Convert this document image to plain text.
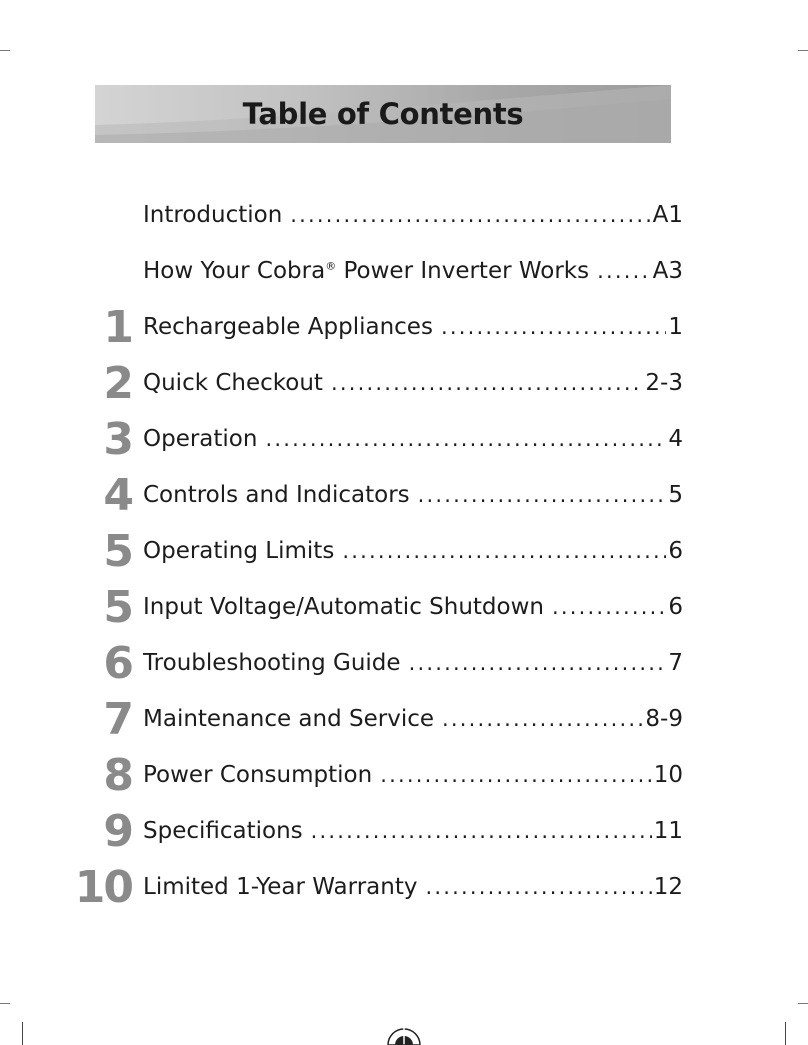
Table of Contents
Introduction .....	A1
How Your Cobra® Power Inverter Works .....	A3
1 Rechargeable Appliances .....	1
2 Quick Checkout .....	2-3
3 Operation .....	4
4 Controls and Indicators .....	5
5 Operating Limits .....	6
5 Input Voltage/Automatic Shutdown .....	6
6 Troubleshooting Guide .....	7
7 Maintenance and Service .....	8-9
8 Power Consumption .....	10
9 Specifications .....	11
10 Limited 1-Year Warranty .....	12
